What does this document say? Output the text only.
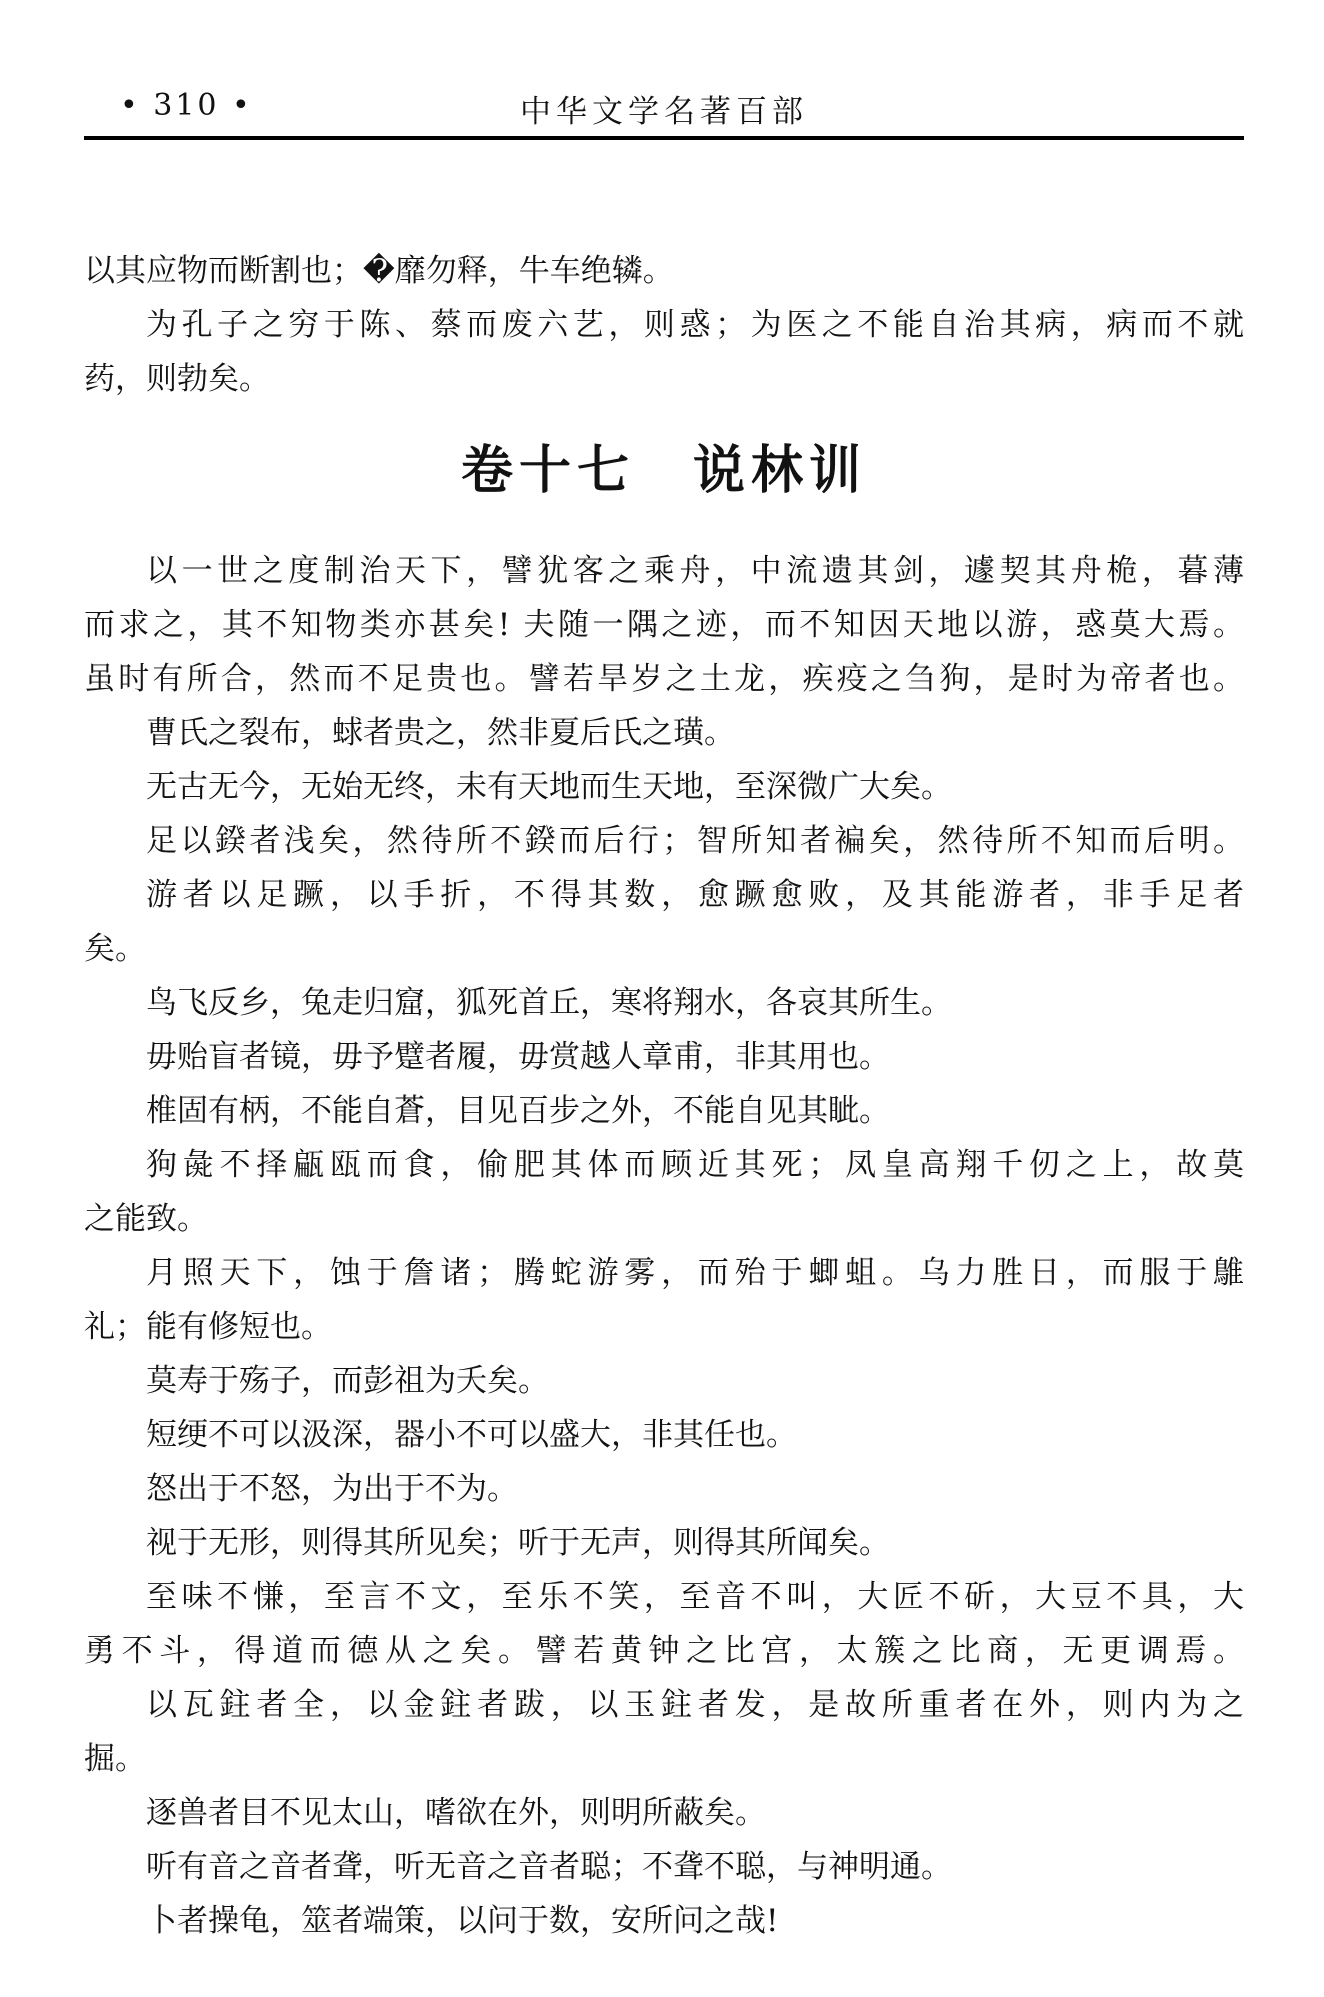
• 310 •	中华文学名著百部
以其应物而断割也；�靡勿释，牛车绝辚。
为孔子之穷于陈、蔡而废六艺，则惑；为医之不能自治其病，病而不就
药，则勃矣。
卷十七　说林训
以一世之度制治天下，譬犹客之乘舟，中流遗其剑，遽契其舟桅，暮薄
而求之，其不知物类亦甚矣! 夫随一隅之迹，而不知因天地以游，惑莫大焉。
虽时有所合，然而不足贵也。譬若旱岁之土龙，疾疫之刍狗，是时为帝者也。
曹氏之裂布，蛷者贵之，然非夏后氏之璜。
无古无今，无始无终，未有天地而生天地，至深微广大矣。
足以鍨者浅矣，然待所不鍨而后行；智所知者褊矣，然待所不知而后明。
游者以足蹶，以手折，不得其数，愈蹶愈败，及其能游者，非手足者
矣。
鸟飞反乡，兔走归窟，狐死首丘，寒将翔水，各哀其所生。
毋贻盲者镜，毋予躄者履，毋赏越人章甫，非其用也。
椎固有柄，不能自蒼，目见百步之外，不能自见其眦。
狗彘不择甂瓯而食，偷肥其体而顾近其死；凤皇高翔千仞之上，故莫
之能致。
月照天下，蚀于詹诸；腾蛇游雾，而殆于蝍蛆。乌力胜日，而服于鵻
礼；能有修短也。
莫寿于殇子，而彭祖为夭矣。
短绠不可以汲深，器小不可以盛大，非其任也。
怒出于不怒，为出于不为。
视于无形，则得其所见矣；听于无声，则得其所闻矣。
至味不慊，至言不文，至乐不笑，至音不叫，大匠不斫，大豆不具，大
勇不斗，得道而德从之矣。譬若黄钟之比宫，太簇之比商，无更调焉。
以瓦鉒者全，以金鉒者跋，以玉鉒者发，是故所重者在外，则内为之
掘。
逐兽者目不见太山，嗜欲在外，则明所蔽矣。
听有音之音者聋，听无音之音者聪；不聋不聪，与神明通。
卜者操龟，筮者端策，以问于数，安所问之哉!
